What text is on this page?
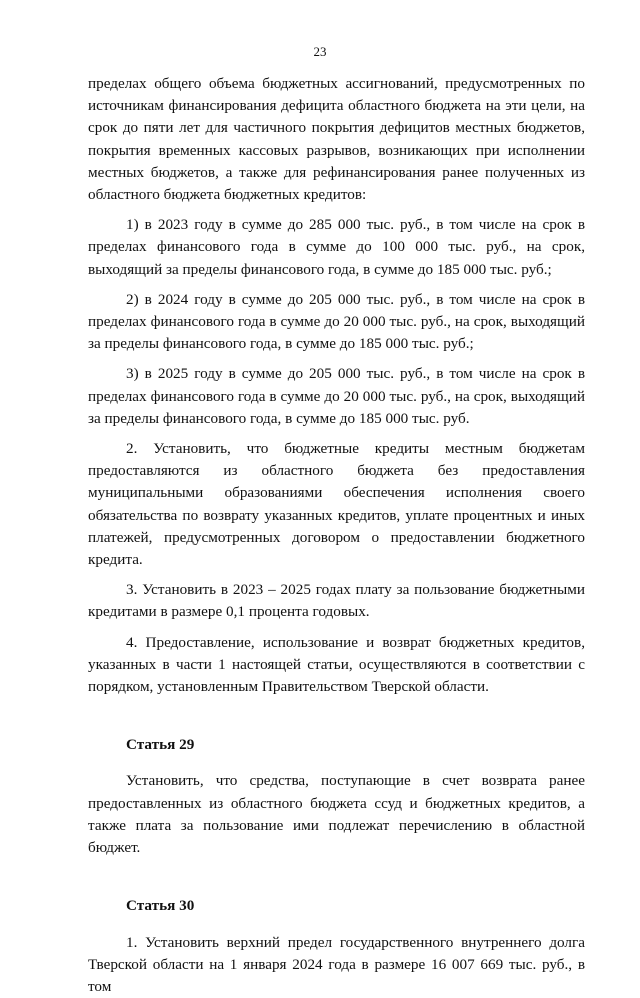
23

пределах общего объема бюджетных ассигнований, предусмотренных по источникам финансирования дефицита областного бюджета на эти цели, на срок до пяти лет для частичного покрытия дефицитов местных бюджетов, покрытия временных кассовых разрывов, возникающих при исполнении местных бюджетов, а также для рефинансирования ранее полученных из областного бюджета бюджетных кредитов:

1) в 2023 году в сумме до 285 000 тыс. руб., в том числе на срок в пределах финансового года в сумме до 100 000 тыс. руб., на срок, выходящий за пределы финансового года, в сумме до 185 000 тыс. руб.;

2) в 2024 году в сумме до 205 000 тыс. руб., в том числе на срок в пределах финансового года в сумме до 20 000 тыс. руб., на срок, выходящий за пределы финансового года, в сумме до 185 000 тыс. руб.;

3) в 2025 году в сумме до 205 000 тыс. руб., в том числе на срок в пределах финансового года в сумме до 20 000 тыс. руб., на срок, выходящий за пределы финансового года, в сумме до 185 000 тыс. руб.

2. Установить, что бюджетные кредиты местным бюджетам предоставляются из областного бюджета без предоставления муниципальными образованиями обеспечения исполнения своего обязательства по возврату указанных кредитов, уплате процентных и иных платежей, предусмотренных договором о предоставлении бюджетного кредита.

3. Установить в 2023 – 2025 годах плату за пользование бюджетными кредитами в размере 0,1 процента годовых.

4. Предоставление, использование и возврат бюджетных кредитов, указанных в части 1 настоящей статьи, осуществляются в соответствии с порядком, установленным Правительством Тверской области.

Статья 29

Установить, что средства, поступающие в счет возврата ранее предоставленных из областного бюджета ссуд и бюджетных кредитов, а также плата за пользование ими подлежат перечислению в областной бюджет.

Статья 30

1. Установить верхний предел государственного внутреннего долга Тверской области на 1 января 2024 года в размере 16 007 669 тыс. руб., в том
